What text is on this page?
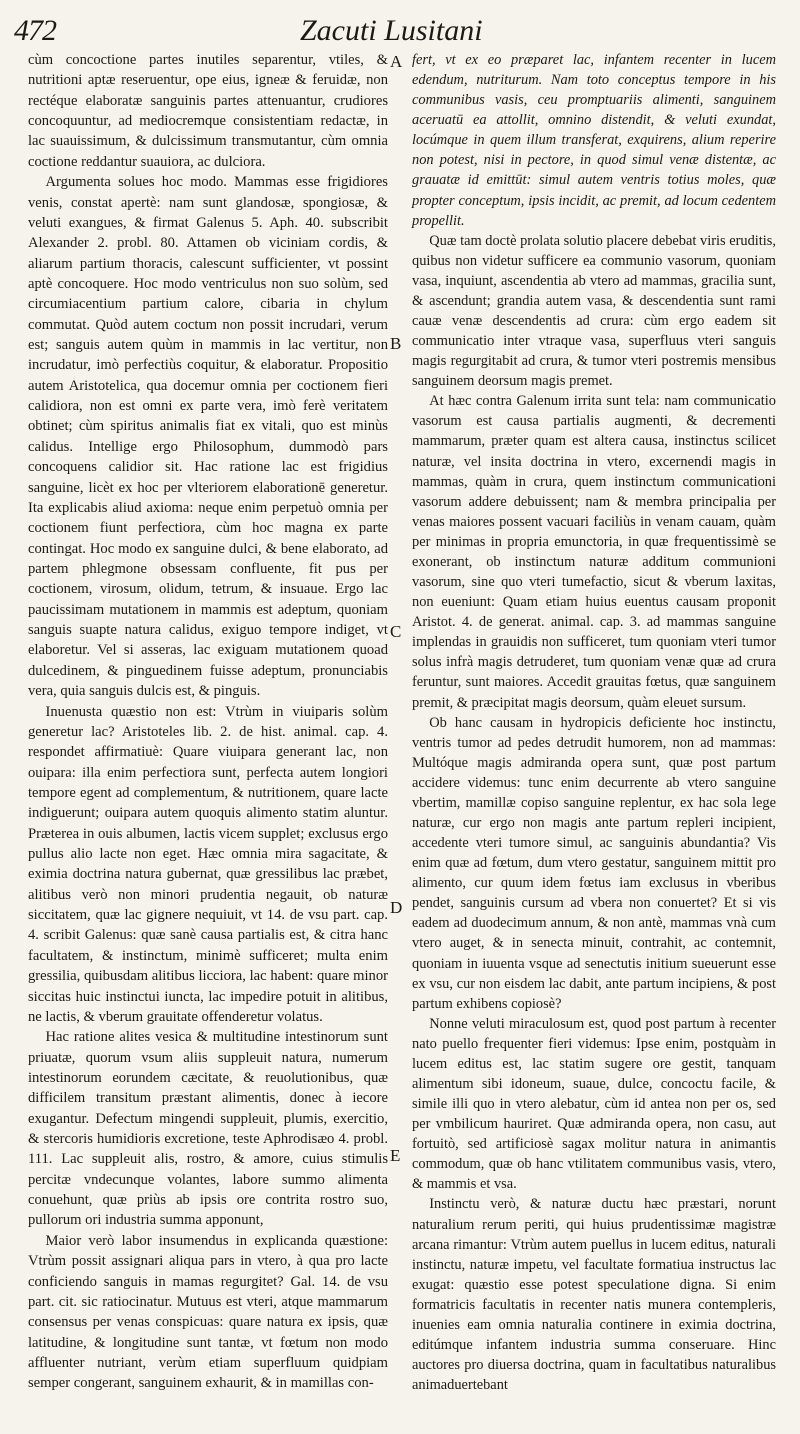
472	Zacuti Lusitani
A
B
C
D
E

cùm concoctione partes inutiles separentur, vtiles, & nutritioni aptæ reseruentur, ope eius, igneæ & feruidæ, non rectéque elaboratæ sanguinis partes attenuantur, crudiores concoquuntur, ad mediocremque consistentiam redactæ, in lac suauissimum, & dulcissimum transmutantur, cùm omnia coctione reddantur suauiora, ac dulciora.

Argumenta solues hoc modo. Mammas esse frigidiores venis, constat apertè: nam sunt glandosæ, spongiosæ, & veluti exangues, & firmat Galenus 5. Aph. 40. subscribit Alexander 2. probl. 80. Attamen ob viciniam cordis, & aliarum partium thoracis, calescunt sufficienter, vt possint aptè concoquere. Hoc modo ventriculus non suo solùm, sed circumiacentium partium calore, cibaria in chylum commutat. Quòd autem coctum non possit incrudari, verum est; sanguis autem quùm in mammis in lac vertitur, non incrudatur, imò perfectiùs coquitur, & elaboratur. Propositio autem Aristotelica, qua docemur omnia per coctionem fieri calidiora, non est omni ex parte vera, imò ferè veritatem obtinet; cùm spiritus animalis fiat ex vitali, quo est minùs calidus. Intellige ergo Philosophum, dummodò pars concoquens calidior sit. Hac ratione lac est frigidius sanguine, licèt ex hoc per vlteriorem elaborationē generetur. Ita explicabis aliud axioma: neque enim perpetuò omnia per coctionem fiunt perfectiora, cùm hoc magna ex parte contingat. Hoc modo ex sanguine dulci, & bene elaborato, ad partem phlegmone obsessam confluente, fit pus per coctionem, virosum, olidum, tetrum, & insuaue. Ergo lac paucissimam mutationem in mammis est adeptum, quoniam sanguis suapte natura calidus, exiguo tempore indiget, vt elaboretur. Vel si asseras, lac exiguam mutationem quoad dulcedinem, & pinguedinem fuisse adeptum, pronunciabis vera, quia sanguis dulcis est, & pinguis.

Inuenusta quæstio non est: Vtrùm in viuiparis solùm generetur lac? Aristoteles lib. 2. de hist. animal. cap. 4. respondet affirmatiuè: Quare viuipara generant lac, non ouipara: illa enim perfectiora sunt, perfecta autem longiori tempore egent ad complementum, & nutritionem, quare lacte indiguerunt; ouipara autem quoquis alimento statim aluntur. Præterea in ouis albumen, lactis vicem supplet; exclusus ergo pullus alio lacte non eget. Hæc omnia mira sagacitate, & eximia doctrina natura gubernat, quæ gressilibus lac præbet, alitibus verò non minori prudentia negauit, ob naturæ siccitatem, quæ lac gignere nequiuit, vt 14. de vsu part. cap. 4. scribit Galenus: quæ sanè causa partialis est, & citra hanc facultatem, & instinctum, minimè sufficeret; multa enim gressilia, quibusdam alitibus licciora, lac habent: quare minor siccitas huic instinctui iuncta, lac impedire potuit in alitibus, ne lactis, & vberum grauitate offenderetur volatus.

Hac ratione alites vesica & multitudine intestinorum sunt priuatæ, quorum vsum aliis suppleuit natura, numerum intestinorum eorundem cæcitate, & reuolutionibus, quæ difficilem transitum præstant alimentis, donec à iecore exugantur. Defectum mingendi suppleuit, plumis, exercitio, & stercoris humidioris excretione, teste Aphrodisæo 4. probl. 111. Lac suppleuit alis, rostro, & amore, cuius stimulis percitæ vndecunque volantes, labore summo alimenta conuehunt, quæ priùs ab ipsis ore contrita rostro suo, pullorum ori industria summa apponunt,

Maior verò labor insumendus in explicanda quæstione: Vtrùm possit assignari aliqua pars in vtero, à qua pro lacte conficiendo sanguis in mamas regurgitet? Gal. 14. de vsu part. cit. sic ratiocinatur. Mutuus est vteri, atque mammarum consensus per venas conspicuas: quare natura ex ipsis, quæ latitudine, & longitudine sunt tantæ, vt fœtum non modo affluenter nutriant, verùm etiam superfluum quidpiam semper congerant, sanguinem exhaurit, & in mamillas con-

fert, vt ex eo præparet lac, infantem recenter in lucem edendum, nutriturum. Nam toto conceptus tempore in his communibus vasis, ceu promptuariis alimenti, sanguinem aceruatū ea attollit, omnino distendit, & veluti exundat, locúmque in quem illum transferat, exquirens, alium reperire non potest, nisi in pectore, in quod simul venæ distentæ, ac grauatæ id emittūt: simul autem ventris totius moles, quæ propter conceptum, ipsis incidit, ac premit, ad locum cedentem propellit.

Quæ tam doctè prolata solutio placere debebat viris eruditis, quibus non videtur sufficere ea communio vasorum, quoniam vasa, inquiunt, ascendentia ab vtero ad mammas, gracilia sunt, & ascendunt; grandia autem vasa, & descendentia sunt rami cauæ venæ descendentis ad crura: cùm ergo eadem sit communicatio inter vtraque vasa, superfluus vteri sanguis magis regurgitabit ad crura, & tumor vteri postremis mensibus sanguinem deorsum magis premet.

At hæc contra Galenum irrita sunt tela: nam communicatio vasorum est causa partialis augmenti, & decrementi mammarum, præter quam est altera causa, instinctus scilicet naturæ, vel insita doctrina in vtero, excernendi magis in mammas, quàm in crura, quem instinctum communicationi vasorum addere debuissent; nam & membra principalia per venas maiores possent vacuari faciliùs in venam cauam, quàm per minimas in propria emunctoria, in quæ frequentissimè se exonerant, ob instinctum naturæ additum communioni vasorum, sine quo vteri tumefactio, sicut & vberum laxitas, non eueniunt: Quam etiam huius euentus causam proponit Aristot. 4. de generat. animal. cap. 3. ad mammas sanguine implendas in grauidis non sufficeret, tum quoniam vteri tumor solus infrà magis detruderet, tum quoniam venæ quæ ad crura feruntur, sunt maiores. Accedit grauitas fœtus, quæ sanguinem premit, & præcipitat magis deorsum, quàm eleuet sursum.

Ob hanc causam in hydropicis deficiente hoc instinctu, ventris tumor ad pedes detrudit humorem, non ad mammas: Multóque magis admiranda opera sunt, quæ post partum accidere videmus: tunc enim decurrente ab vtero sanguine vbertim, mamillæ copiso sanguine replentur, ex hac sola lege naturæ, cur ergo non magis ante partum repleri incipient, accedente vteri tumore simul, ac sanguinis abundantia? Vis enim quæ ad fœtum, dum vtero gestatur, sanguinem mittit pro alimento, cur quum idem fœtus iam exclusus in vberibus pendet, sanguinis cursum ad vbera non conuertet? Et si vis eadem ad duodecimum annum, & non antè, mammas vnà cum vtero auget, & in senecta minuit, contrahit, ac contemnit, quoniam in iuuenta vsque ad senectutis initium sueuerunt esse ex vsu, cur non eisdem lac dabit, ante partum incipiens, & post partum exhibens copiosè?

Nonne veluti miraculosum est, quod post partum à recenter nato puello frequenter fieri videmus: Ipse enim, postquàm in lucem editus est, lac statim sugere ore gestit, tanquam alimentum sibi idoneum, suaue, dulce, concoctu facile, & simile illi quo in vtero alebatur, cùm id antea non per os, sed per vmbilicum hauriret. Quæ admiranda opera, non casu, aut fortuitò, sed artificiosè sagax molitur natura in animantis commodum, quæ ob hanc vtilitatem communibus vasis, vtero, & mammis et vsa.

Instinctu verò, & naturæ ductu hæc præstari, norunt naturalium rerum periti, qui huius prudentissimæ magistræ arcana rimantur: Vtrùm autem puellus in lucem editus, naturali instinctu, naturæ impetu, vel facultate formatiua instructus lac exugat: quæstio esse potest speculatione digna. Si enim formatricis facultatis in recenter natis munera contempleris, inuenies eam omnia naturalia continere in eximia doctrina, editúmque infantem industria summa conseruare. Hinc auctores pro diuersa doctrina, quam in facultatibus naturalibus animaduertebant
